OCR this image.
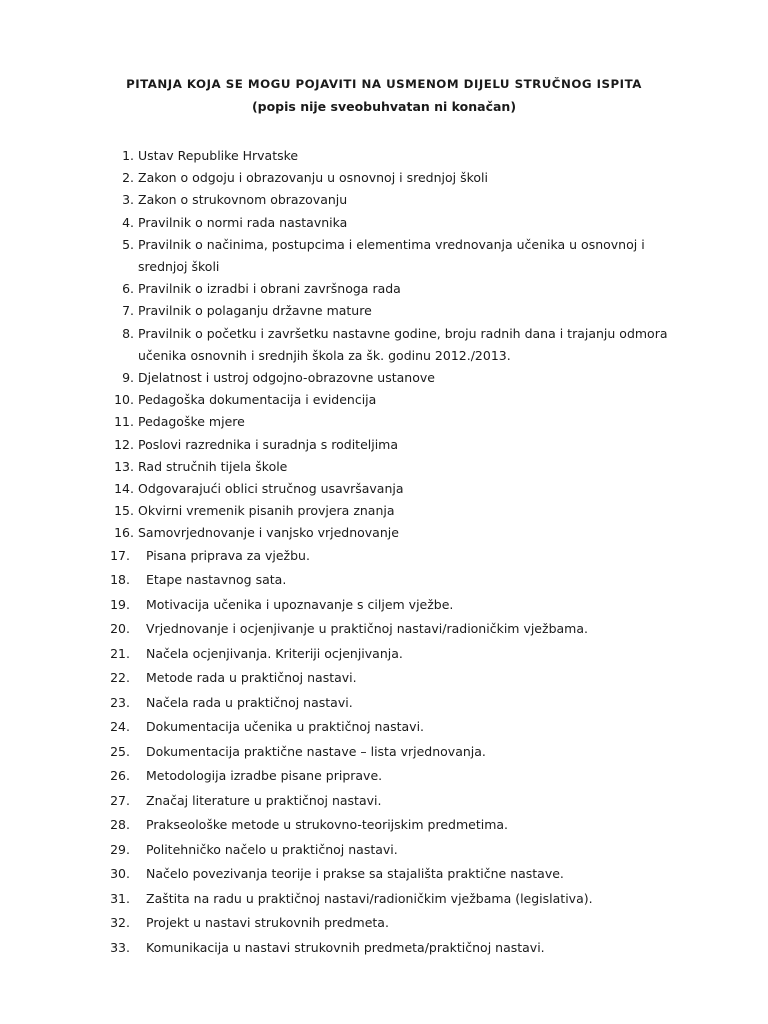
PITANJA KOJA SE MOGU POJAVITI NA USMENOM DIJELU STRUČNOG ISPITA
(popis nije sveobuhvatan ni konačan)
1. Ustav Republike Hrvatske
2. Zakon o odgoju i obrazovanju u osnovnoj i srednjoj školi
3. Zakon o strukovnom obrazovanju
4. Pravilnik o normi rada nastavnika
5. Pravilnik o načinima, postupcima i elementima vrednovanja učenika u osnovnoj i
srednjoj školi
6. Pravilnik o izradbi i obrani završnoga rada
7. Pravilnik o polaganju državne mature
8. Pravilnik o početku i završetku nastavne godine, broju radnih dana i trajanju odmora
učenika osnovnih i srednjih škola za šk. godinu 2012./2013.
9. Djelatnost i ustroj odgojno-obrazovne ustanove
10. Pedagoška dokumentacija i evidencija
11. Pedagoške mjere
12. Poslovi razrednika i suradnja s roditeljima
13. Rad stručnih tijela škole
14. Odgovarajući oblici stručnog usavršavanja
15. Okvirni vremenik pisanih provjera znanja
16. Samovrjednovanje i vanjsko vrjednovanje
17. Pisana priprava za vježbu.
18. Etape nastavnog sata.
19. Motivacija učenika i upoznavanje s ciljem vježbe.
20. Vrjednovanje i ocjenjivanje u praktičnoj nastavi/radioničkim vježbama.
21. Načela ocjenjivanja. Kriteriji ocjenjivanja.
22. Metode rada u praktičnoj nastavi.
23. Načela rada u praktičnoj nastavi.
24. Dokumentacija učenika u praktičnoj nastavi.
25. Dokumentacija praktične nastave – lista vrjednovanja.
26. Metodologija izradbe pisane priprave.
27. Značaj literature u praktičnoj nastavi.
28. Prakseološke metode u strukovno-teorijskim predmetima.
29. Politehničko načelo u praktičnoj nastavi.
30. Načelo povezivanja teorije i prakse sa stajališta praktične nastave.
31. Zaštita na radu u praktičnoj nastavi/radioničkim vježbama (legislativa).
32. Projekt u nastavi strukovnih predmeta.
33. Komunikacija u nastavi strukovnih predmeta/praktičnoj nastavi.
